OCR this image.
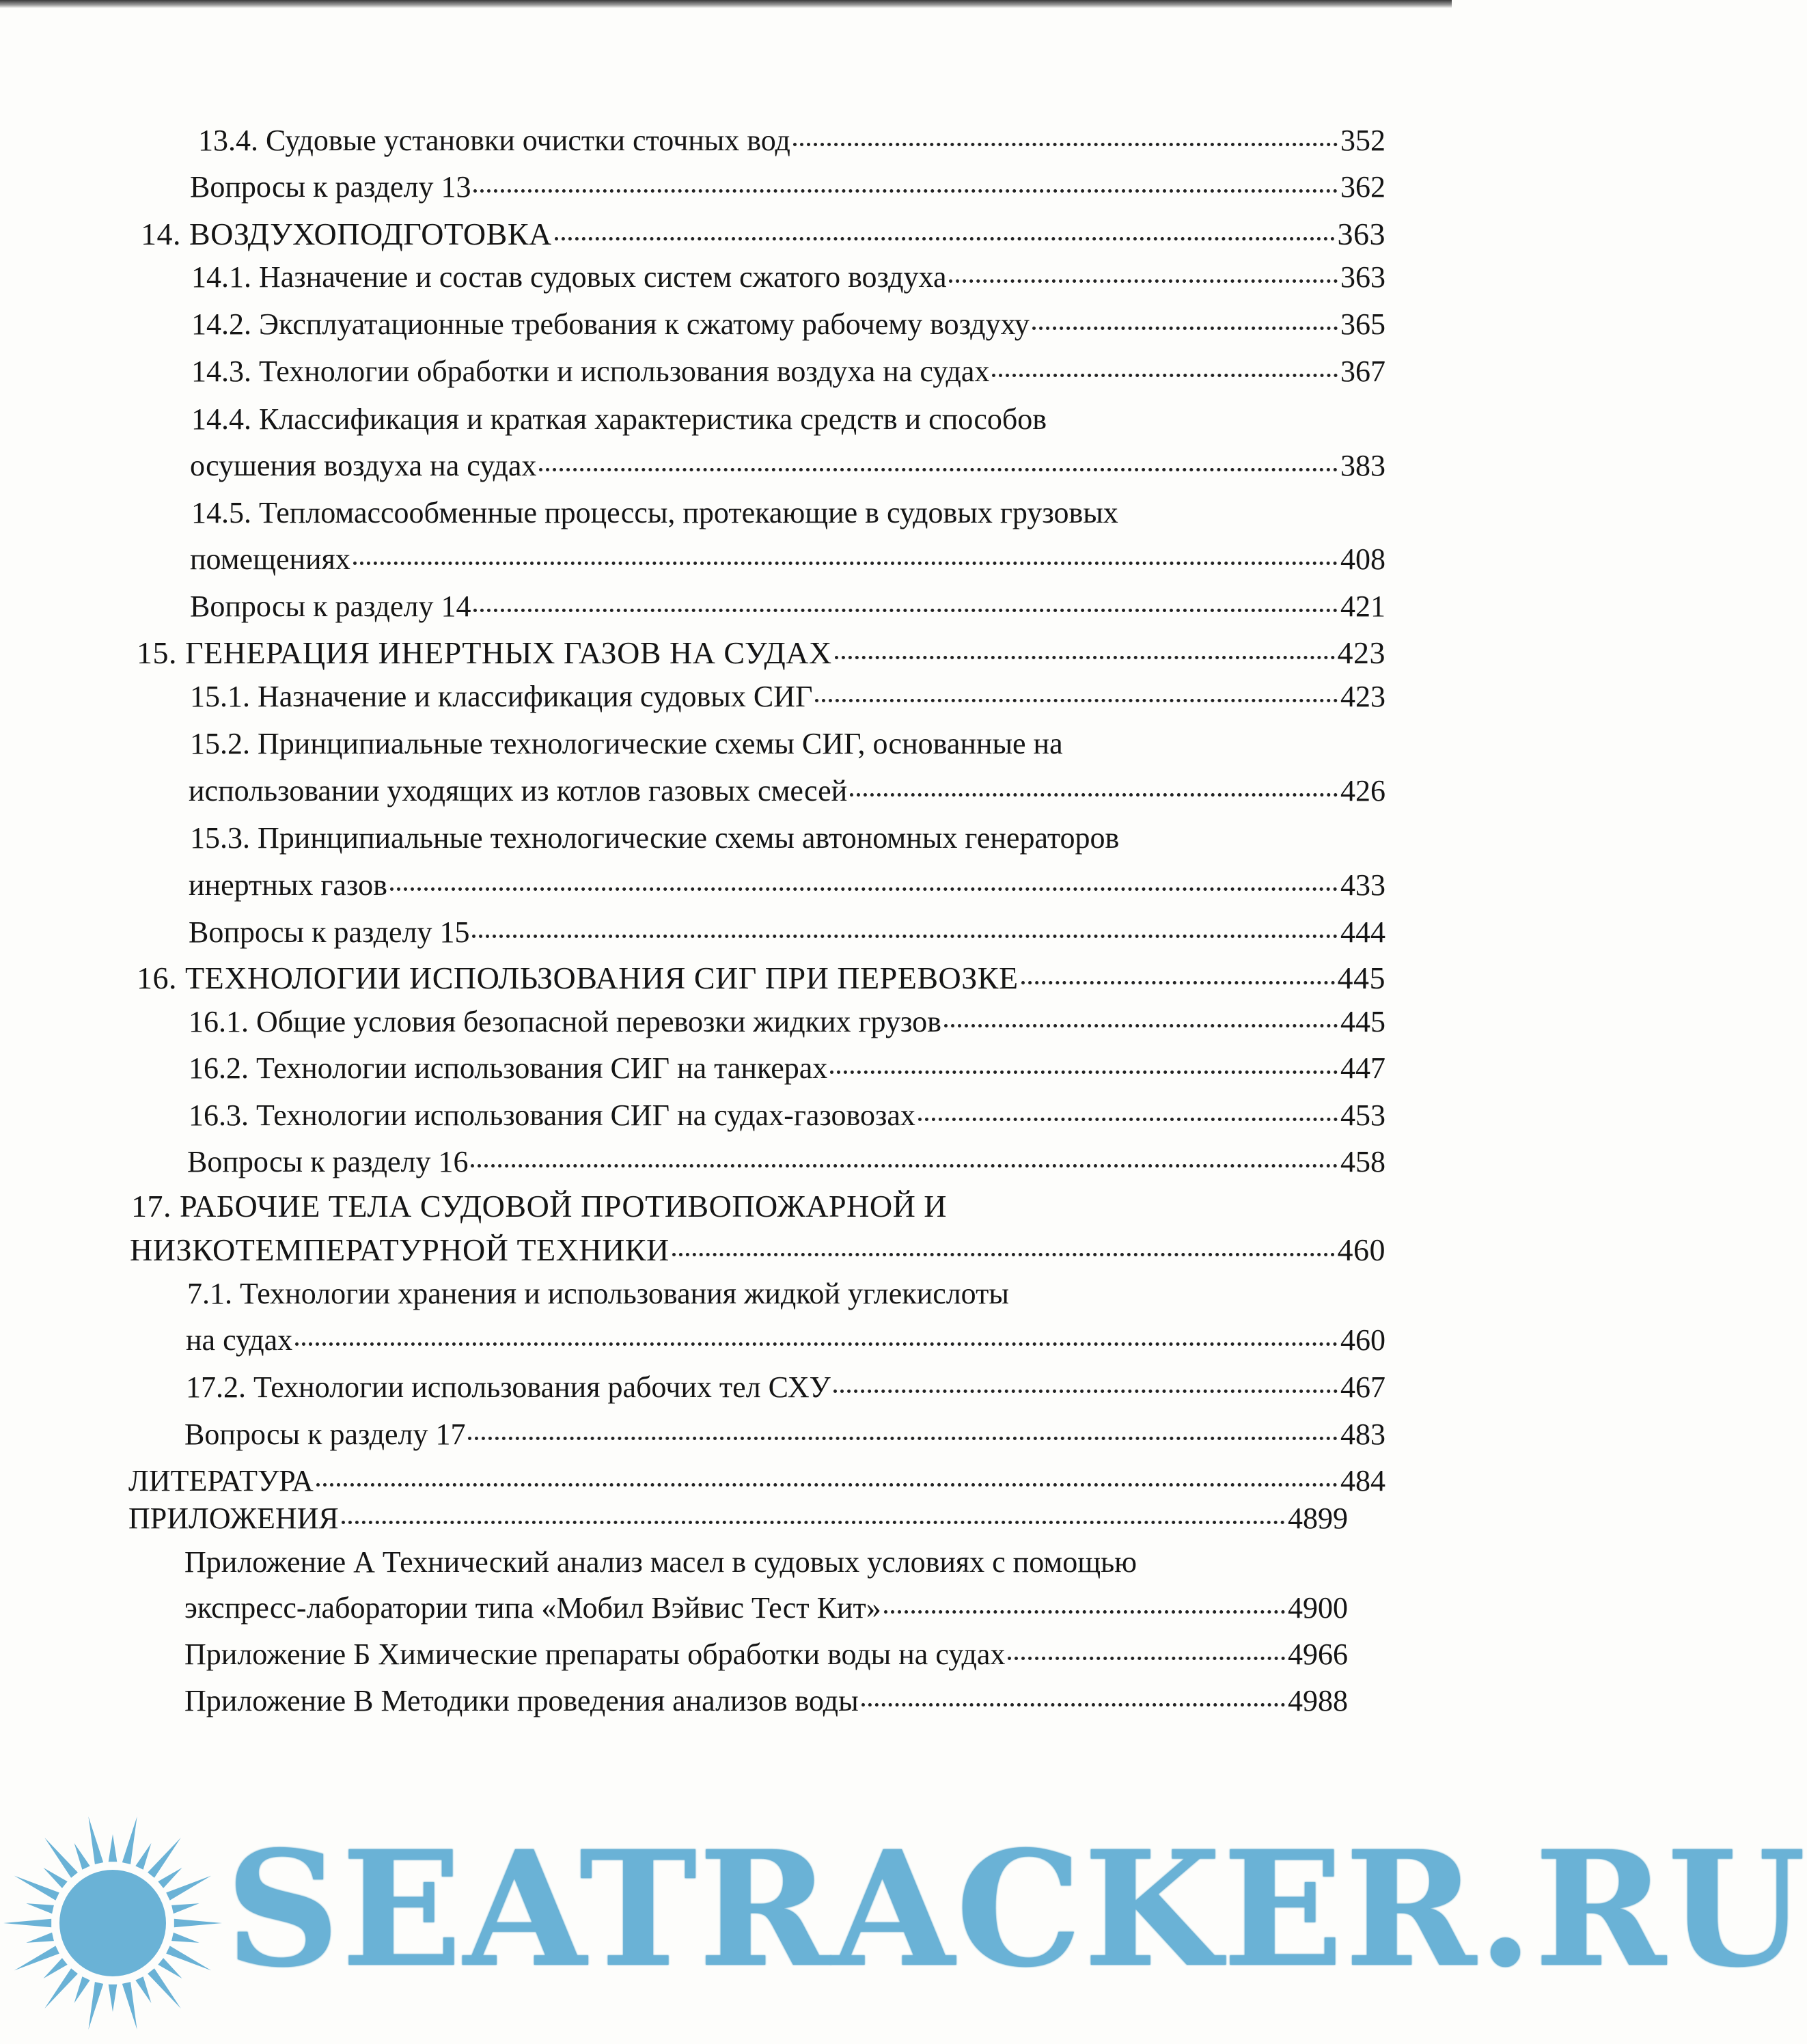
13.4. Судовые установки очистки сточных вод	352
Вопросы к разделу 13	362
14. ВОЗДУХОПОДГОТОВКА	363
14.1. Назначение и состав судовых систем сжатого воздуха	363
14.2. Эксплуатационные требования к сжатому рабочему воздуху	365
14.3. Технологии обработки и использования воздуха на судах	367
14.4. Классификация и краткая характеристика средств и способов
осушения воздуха на судах	383
14.5. Тепломассообменные процессы, протекающие в судовых грузовых
помещениях	408
Вопросы к разделу 14	421
15. ГЕНЕРАЦИЯ ИНЕРТНЫХ ГАЗОВ НА СУДАХ	423
15.1. Назначение и классификация судовых СИГ	423
15.2. Принципиальные технологические схемы СИГ, основанные на
использовании уходящих из котлов газовых смесей	426
15.3. Принципиальные технологические схемы автономных генераторов
инертных газов	433
Вопросы к разделу 15	444
16. ТЕХНОЛОГИИ ИСПОЛЬЗОВАНИЯ СИГ ПРИ ПЕРЕВОЗКЕ	445
16.1. Общие условия безопасной перевозки жидких грузов	445
16.2. Технологии использования СИГ на танкерах	447
16.3. Технологии использования СИГ на судах-газовозах	453
Вопросы к разделу 16	458
17. РАБОЧИЕ ТЕЛА СУДОВОЙ ПРОТИВОПОЖАРНОЙ И
НИЗКОТЕМПЕРАТУРНОЙ ТЕХНИКИ	460
7.1. Технологии хранения и использования жидкой углекислоты
на судах	460
17.2. Технологии использования рабочих тел СХУ	467
Вопросы к разделу 17	483
ЛИТЕРАТУРА	484
ПРИЛОЖЕНИЯ	4899
Приложение А Технический анализ масел в судовых условиях с помощью
экспресс-лаборатории типа «Мобил Вэйвис Тест Кит»	4900
Приложение Б Химические препараты обработки воды на судах	4966
Приложение В Методики проведения анализов воды	4988
SEATRACKER.RU
